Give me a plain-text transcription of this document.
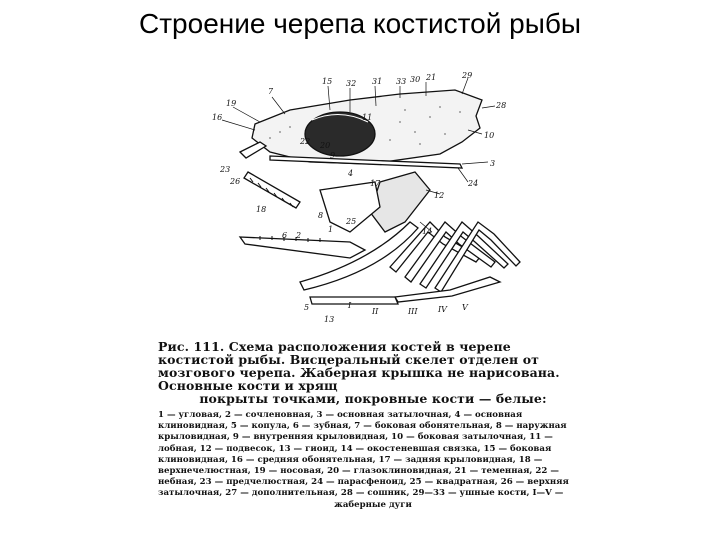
Строение черепа костистой рыбы
19
7
16
15 32 31 33 30 21	29
28
11
10
3
24
12
22 20
9
17
4
23
26
18
8
25
1
2
6	14
5
13
I
II	III	IV V
Рис. 111. Схема расположения костей в черепе костистой рыбы. Висцеральный скелет отделен от мозгового черепа. Жаберная крышка не нарисована. Основные кости и хрящ
покрыты точками, покровные кости — белые:
1 — угловая, 2 — сочленовная, 3 — основная затылочная, 4 — основная клиновидная, 5 — копула, 6 — зубная, 7 — боковая обонятельная, 8 — наружная крыловидная, 9 — внутренняя крыловидная, 10 — боковая затылочная, 11 — лобная, 12 — подвесок, 13 — гиоид, 14 — окостеневшая связка, 15 — боковая клиновидная, 16 — средняя обонятельная, 17 — задняя крыловидная, 18 — верхнечелюстная, 19 — носовая, 20 — глазоклиновидная, 21 — теменная, 22 — небная, 23 — предчелюстная, 24 — парасфеноид, 25 — квадратная, 26 — верхняя затылочная, 27 — дополнительная, 28 — сошник, 29—33 — ушные кости, I—V —
жаберные дуги
